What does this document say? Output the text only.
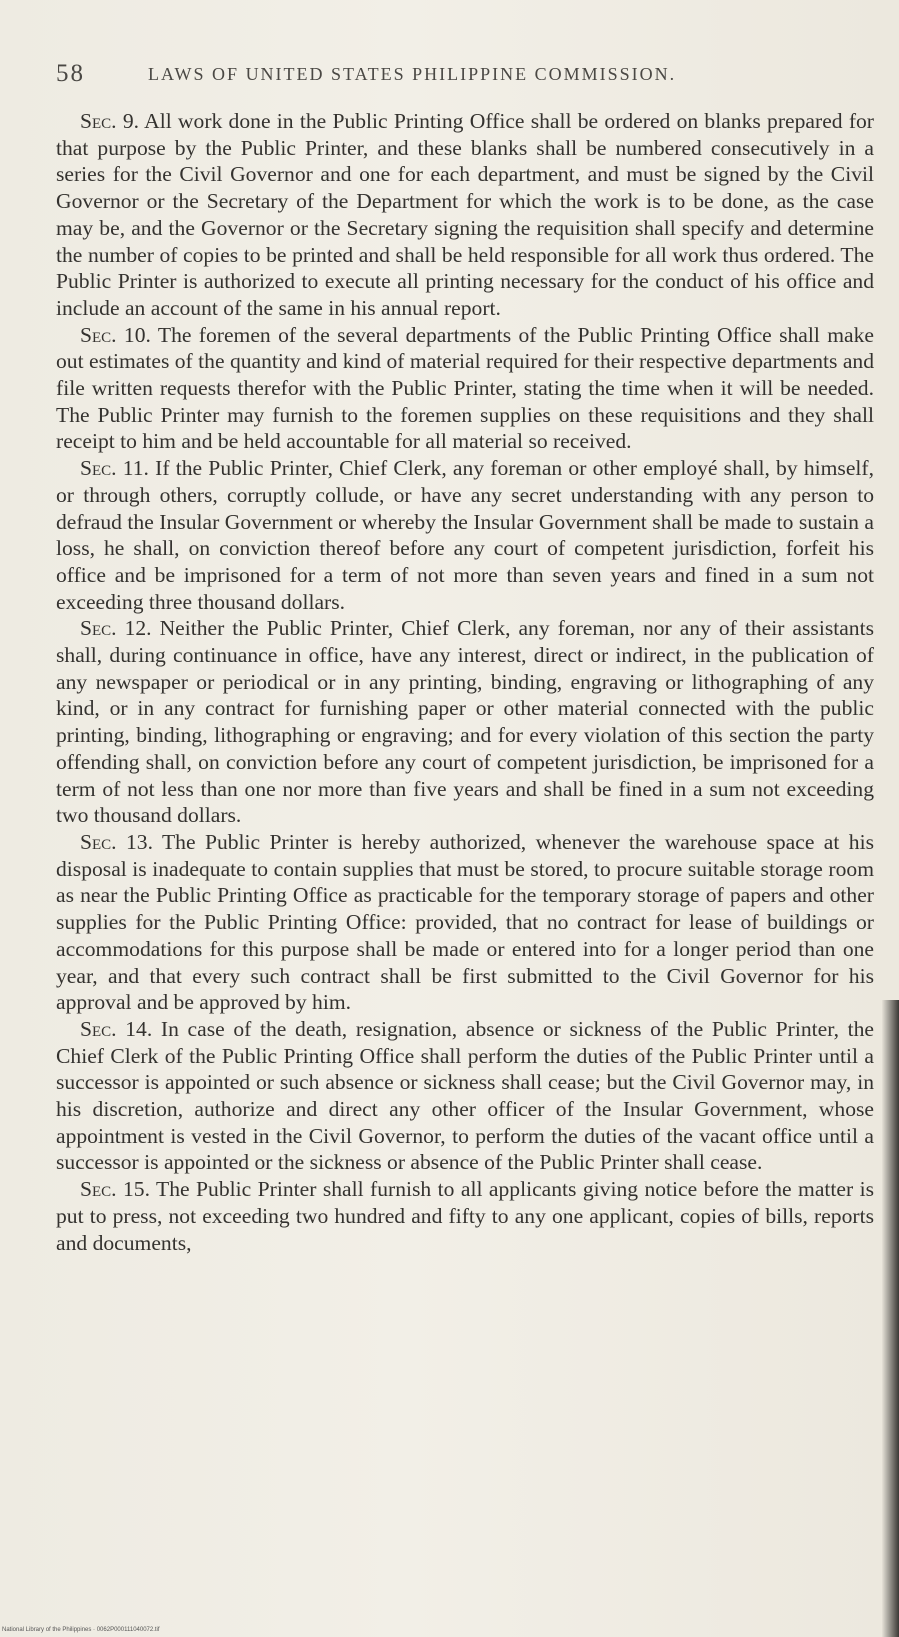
58	LAWS OF UNITED STATES PHILIPPINE COMMISSION.

Sec. 9. All work done in the Public Printing Office shall be ordered on blanks prepared for that purpose by the Public Printer, and these blanks shall be numbered consecutively in a series for the Civil Governor and one for each department, and must be signed by the Civil Governor or the Secretary of the Department for which the work is to be done, as the case may be, and the Governor or the Secretary signing the requisition shall specify and determine the number of copies to be printed and shall be held responsible for all work thus ordered. The Public Printer is authorized to execute all printing necessary for the conduct of his office and include an account of the same in his annual report.

Sec. 10. The foremen of the several departments of the Public Printing Office shall make out estimates of the quantity and kind of material required for their respective departments and file written requests therefor with the Public Printer, stating the time when it will be needed. The Public Printer may furnish to the foremen supplies on these requisitions and they shall receipt to him and be held accountable for all material so received.

Sec. 11. If the Public Printer, Chief Clerk, any foreman or other employé shall, by himself, or through others, corruptly collude, or have any secret understanding with any person to defraud the Insular Government or whereby the Insular Government shall be made to sustain a loss, he shall, on conviction thereof before any court of competent jurisdiction, forfeit his office and be imprisoned for a term of not more than seven years and fined in a sum not exceeding three thousand dollars.

Sec. 12. Neither the Public Printer, Chief Clerk, any foreman, nor any of their assistants shall, during continuance in office, have any interest, direct or indirect, in the publication of any newspaper or periodical or in any printing, binding, engraving or lithographing of any kind, or in any contract for furnishing paper or other material connected with the public printing, binding, lithographing or engraving; and for every violation of this section the party offending shall, on conviction before any court of competent jurisdiction, be imprisoned for a term of not less than one nor more than five years and shall be fined in a sum not exceeding two thousand dollars.

Sec. 13. The Public Printer is hereby authorized, whenever the warehouse space at his disposal is inadequate to contain supplies that must be stored, to procure suitable storage room as near the Public Printing Office as practicable for the temporary storage of papers and other supplies for the Public Printing Office: provided, that no contract for lease of buildings or accommodations for this purpose shall be made or entered into for a longer period than one year, and that every such contract shall be first submitted to the Civil Governor for his approval and be approved by him.

Sec. 14. In case of the death, resignation, absence or sickness of the Public Printer, the Chief Clerk of the Public Printing Office shall perform the duties of the Public Printer until a successor is appointed or such absence or sickness shall cease; but the Civil Governor may, in his discretion, authorize and direct any other officer of the Insular Government, whose appointment is vested in the Civil Governor, to perform the duties of the vacant office until a successor is appointed or the sickness or absence of the Public Printer shall cease.

Sec. 15. The Public Printer shall furnish to all applicants giving notice before the matter is put to press, not exceeding two hundred and fifty to any one applicant, copies of bills, reports and documents,

National Library of the Philippines · 0062P000111040072.tif
